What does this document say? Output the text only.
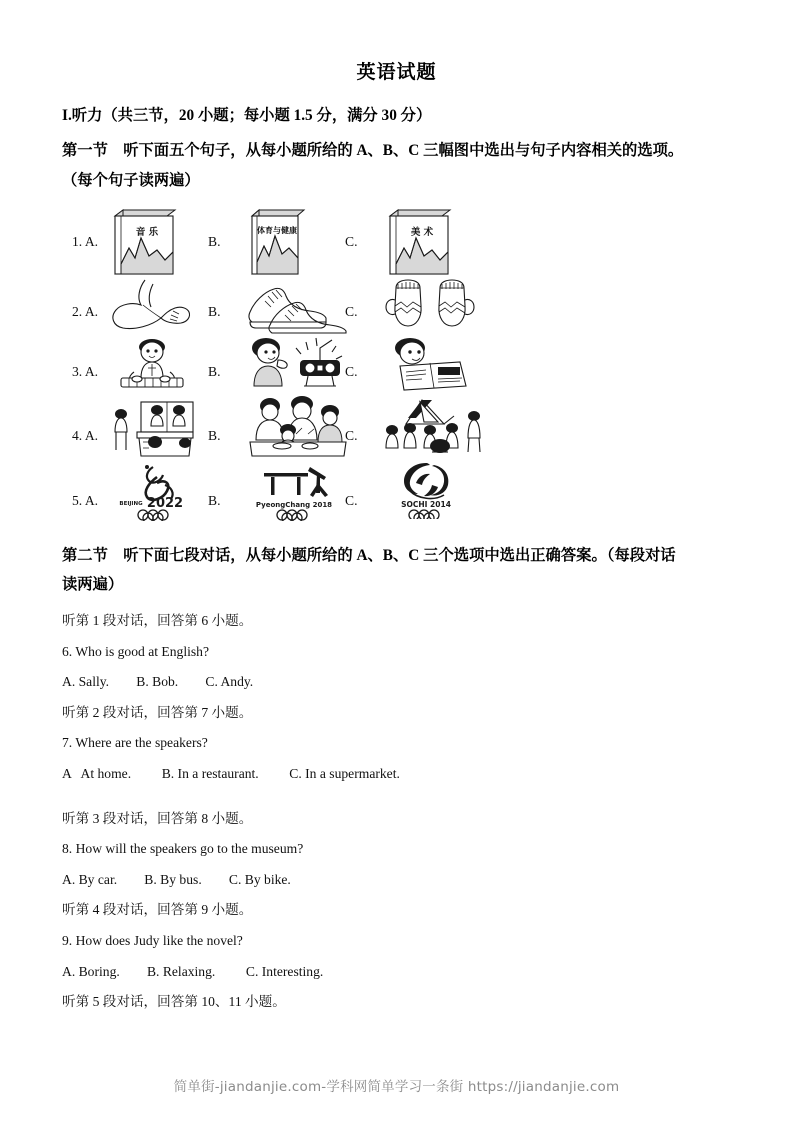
英语试题

I.听力（共三节，20 小题；每小题 1.5 分，满分 30 分）

第一节　听下面五个句子，从每小题所给的 A、B、C 三幅图中选出与句子内容相关的选项。

（每个句子读两遍）

1. A.
音 乐
B.
体育与健康
C.
美 术
2. A.	B.	C.
3. A.	B.	C.	News
4. A.	B.	C.
5. A.	BEIJING 2022 B.	PyeongChang 2018 C.	SOCHI 2014

第二节　听下面七段对话，从每小题所给的 A、B、C 三个选项中选出正确答案。（每段对话

读两遍）

听第 1 段对话，回答第 6 小题。

6. Who is good at English?

A. Sally.        B. Bob.        C. Andy.

听第 2 段对话，回答第 7 小题。

7. Where are the speakers?

A   At home.         B. In a restaurant.         C. In a supermarket.

听第 3 段对话，回答第 8 小题。

8. How will the speakers go to the museum?

A. By car.        B. By bus.        C. By bike.

听第 4 段对话，回答第 9 小题。

9. How does Judy like the novel?

A. Boring.        B. Relaxing.         C. Interesting.

听第 5 段对话，回答第 10、11 小题。

简单街-jiandanjie.com-学科网简单学习一条街 https://jiandanjie.com
